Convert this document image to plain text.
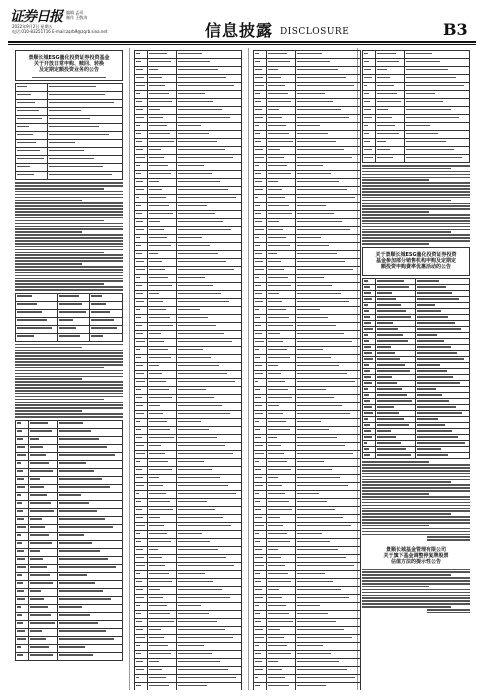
证券日报
2022年9月2日 星期五
电话:010-83251716 E-mail:zqrb9@zqrb.sina.net
编辑 孟珂
制作 王敬涛
信息披露 DISCLOSURE	B3
景顺长城ESG量化投资证券投资基金
关于开放日常申购、赎回、转换
及定期定额投资业务的公告
关于景顺长城ESG量化投资证券投资
基金参加部分销售机构申购及定期定
额投资申购费率优惠活动的公告
景顺长城基金管理有限公司
关于旗下基金调整停复牌股票
估值方法的提示性公告
